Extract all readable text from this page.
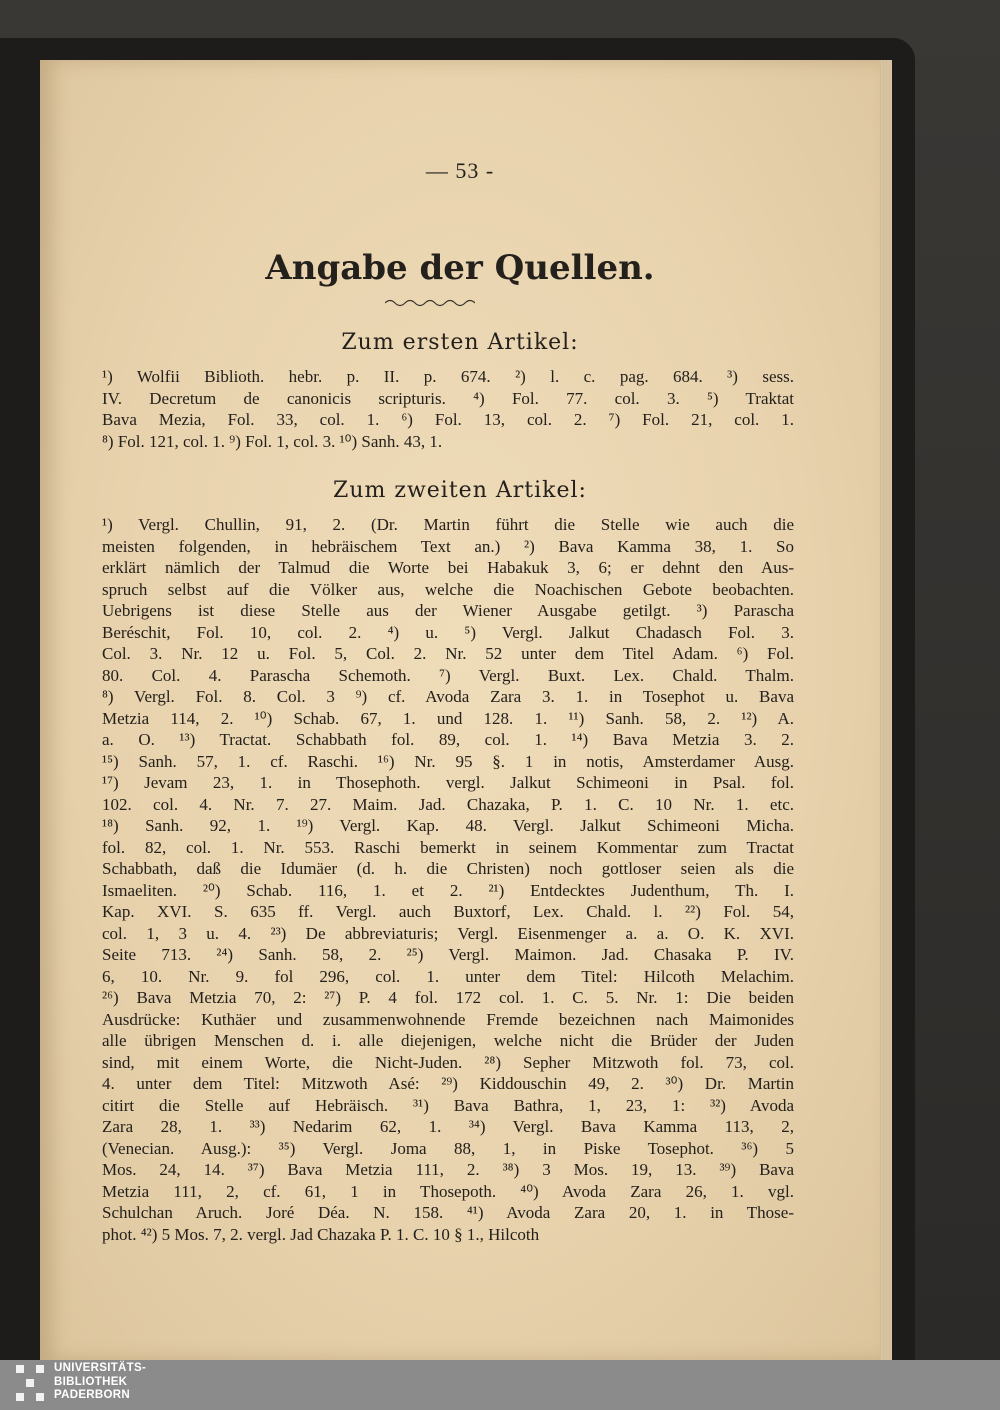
— 53 -
Angabe der Quellen.
Zum ersten Artikel:
¹) Wolfii Biblioth. hebr. p. II. p. 674. ²) l. c. pag. 684. ³) sess.
IV. Decretum de canonicis scripturis. ⁴) Fol. 77. col. 3. ⁵) Traktat
Bava Mezia, Fol. 33, col. 1. ⁶) Fol. 13, col. 2. ⁷) Fol. 21, col. 1.
⁸) Fol. 121, col. 1. ⁹) Fol. 1, col. 3. ¹⁰) Sanh. 43, 1.
Zum zweiten Artikel:
¹) Vergl. Chullin, 91, 2. (Dr. Martin führt die Stelle wie auch die
meisten folgenden, in hebräischem Text an.) ²) Bava Kamma 38, 1. So
erklärt nämlich der Talmud die Worte bei Habakuk 3, 6; er dehnt den Aus-
spruch selbst auf die Völker aus, welche die Noachischen Gebote beobachten.
Uebrigens ist diese Stelle aus der Wiener Ausgabe getilgt. ³) Parascha
Beréschit, Fol. 10, col. 2. ⁴) u. ⁵) Vergl. Jalkut Chadasch Fol. 3.
Col. 3. Nr. 12 u. Fol. 5, Col. 2. Nr. 52 unter dem Titel Adam. ⁶) Fol.
80. Col. 4. Parascha Schemoth. ⁷) Vergl. Buxt. Lex. Chald. Thalm.
⁸) Vergl. Fol. 8. Col. 3 ⁹) cf. Avoda Zara 3. 1. in Tosephot u. Bava
Metzia 114, 2. ¹⁰) Schab. 67, 1. und 128. 1. ¹¹) Sanh. 58, 2. ¹²) A.
a. O. ¹³) Tractat. Schabbath fol. 89, col. 1. ¹⁴) Bava Metzia 3. 2.
¹⁵) Sanh. 57, 1. cf. Raschi. ¹⁶) Nr. 95 §. 1 in notis, Amsterdamer Ausg.
¹⁷) Jevam 23, 1. in Thosephoth. vergl. Jalkut Schimeoni in Psal. fol.
102. col. 4. Nr. 7. 27. Maim. Jad. Chazaka, P. 1. C. 10 Nr. 1. etc.
¹⁸) Sanh. 92, 1. ¹⁹) Vergl. Kap. 48. Vergl. Jalkut Schimeoni Micha.
fol. 82, col. 1. Nr. 553. Raschi bemerkt in seinem Kommentar zum Tractat
Schabbath, daß die Idumäer (d. h. die Christen) noch gottloser seien als die
Ismaeliten. ²⁰) Schab. 116, 1. et 2. ²¹) Entdecktes Judenthum, Th. I.
Kap. XVI. S. 635 ff. Vergl. auch Buxtorf, Lex. Chald. l. ²²) Fol. 54,
col. 1, 3 u. 4. ²³) De abbreviaturis; Vergl. Eisenmenger a. a. O. K. XVI.
Seite 713. ²⁴) Sanh. 58, 2. ²⁵) Vergl. Maimon. Jad. Chasaka P. IV.
6, 10. Nr. 9. fol 296, col. 1. unter dem Titel: Hilcoth Melachim.
²⁶) Bava Metzia 70, 2: ²⁷) P. 4 fol. 172 col. 1. C. 5. Nr. 1: Die beiden
Ausdrücke: Kuthäer und zusammenwohnende Fremde bezeichnen nach Maimonides
alle übrigen Menschen d. i. alle diejenigen, welche nicht die Brüder der Juden
sind, mit einem Worte, die Nicht-Juden. ²⁸) Sepher Mitzwoth fol. 73, col.
4. unter dem Titel: Mitzwoth Asé: ²⁹) Kiddouschin 49, 2. ³⁰) Dr. Martin
citirt die Stelle auf Hebräisch. ³¹) Bava Bathra, 1, 23, 1: ³²) Avoda
Zara 28, 1. ³³) Nedarim 62, 1. ³⁴) Vergl. Bava Kamma 113, 2,
(Venecian. Ausg.): ³⁵) Vergl. Joma 88, 1, in Piske Tosephot. ³⁶) 5
Mos. 24, 14. ³⁷) Bava Metzia 111, 2. ³⁸) 3 Mos. 19, 13. ³⁹) Bava
Metzia 111, 2, cf. 61, 1 in Thosepoth. ⁴⁰) Avoda Zara 26, 1. vgl.
Schulchan Aruch. Joré Déa. N. 158. ⁴¹) Avoda Zara 20, 1. in Those-
phot. ⁴²) 5 Mos. 7, 2. vergl. Jad Chazaka P. 1. C. 10 § 1., Hilcoth
UNIVERSITÄTS-
BIBLIOTHEK
PADERBORN
